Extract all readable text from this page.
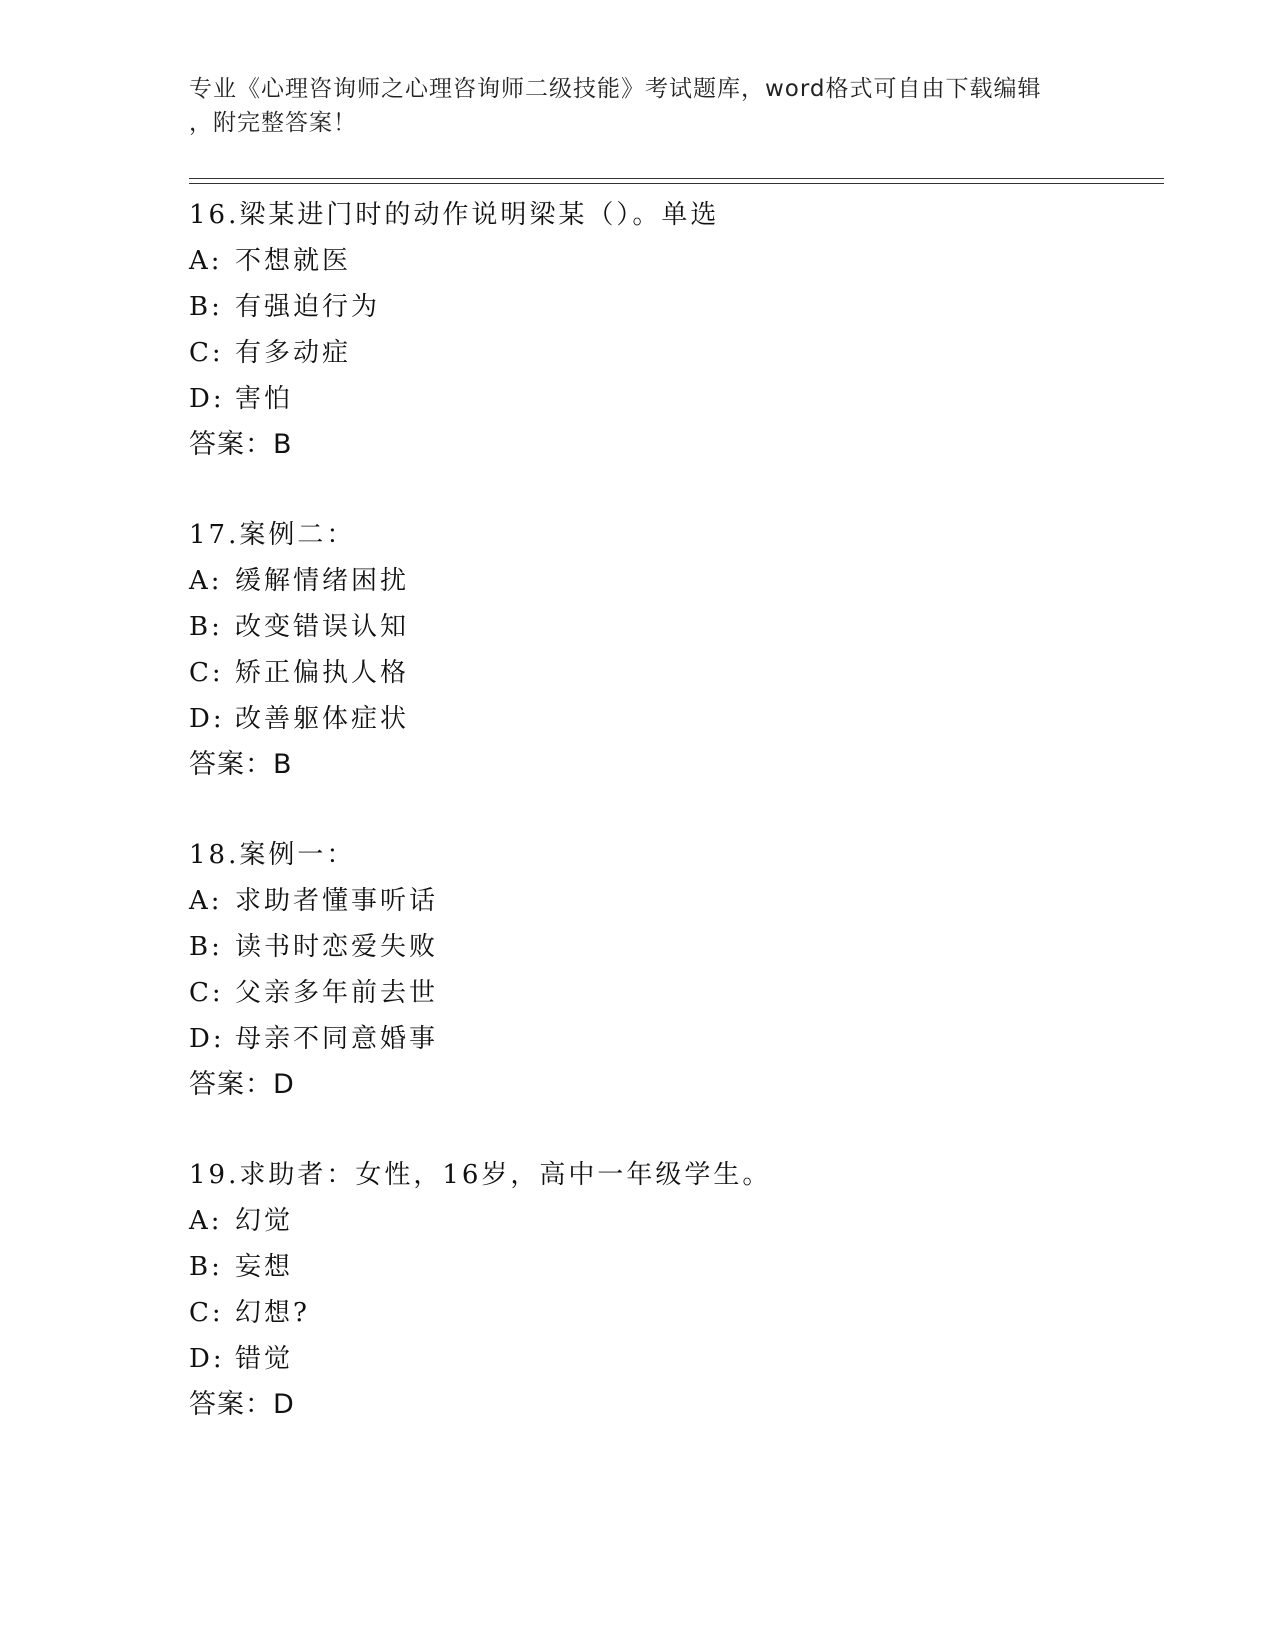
专业《心理咨询师之心理咨询师二级技能》考试题库，word格式可自由下载编辑
，附完整答案！
16.梁某进门时的动作说明梁某（）。单选
A: 不想就医
B: 有强迫行为
C: 有多动症
D: 害怕
答案：B
17.案例二：
A: 缓解情绪困扰
B: 改变错误认知
C: 矫正偏执人格
D: 改善躯体症状
答案：B
18.案例一：
A: 求助者懂事听话
B: 读书时恋爱失败
C: 父亲多年前去世
D: 母亲不同意婚事
答案：D
19.求助者：女性，16岁，高中一年级学生。
A: 幻觉
B: 妄想
C: 幻想?
D: 错觉
答案：D
